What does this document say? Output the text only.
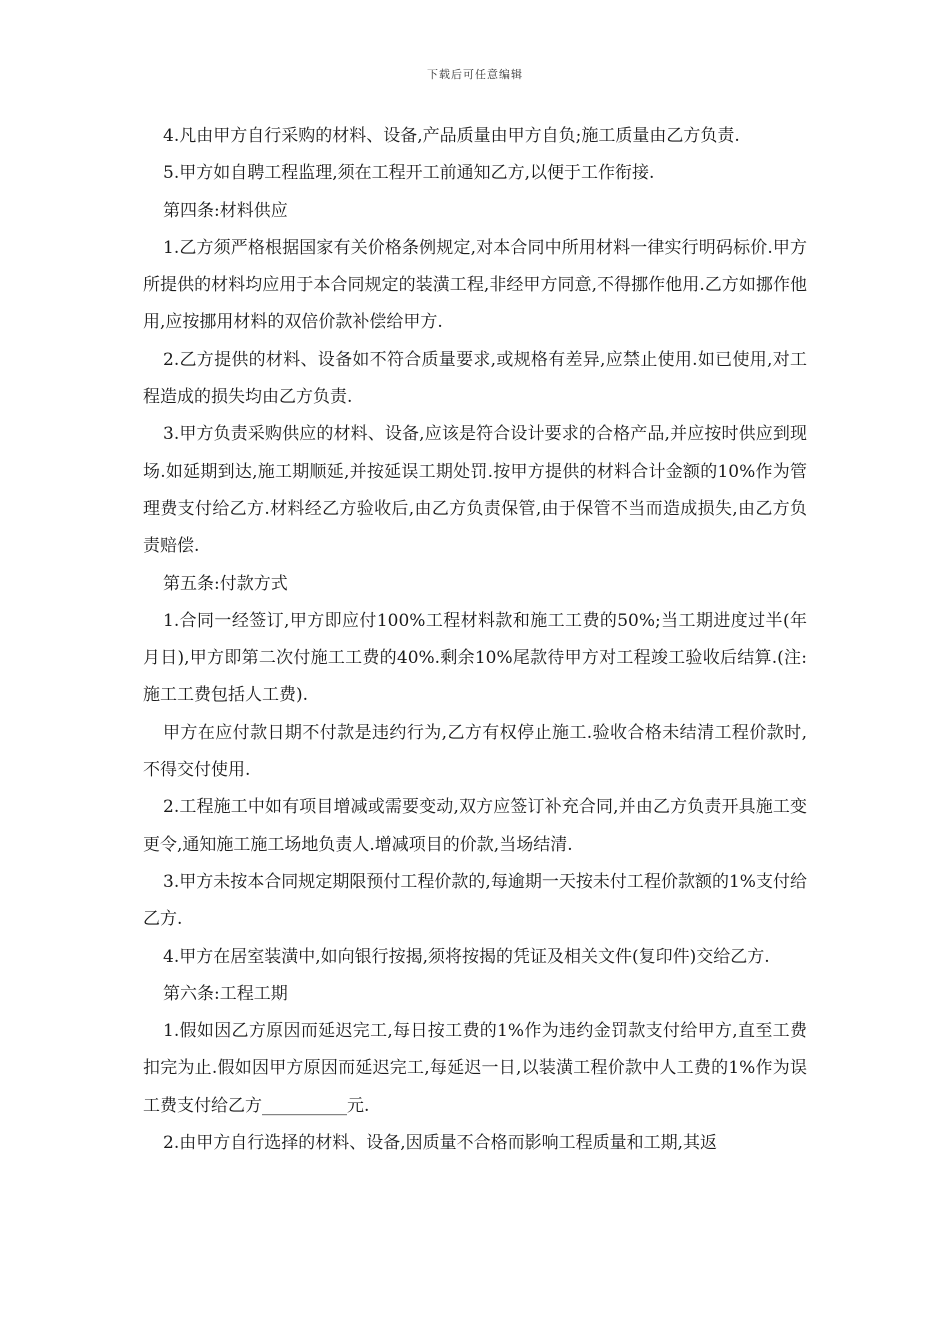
下载后可任意编辑

4.凡由甲方自行采购的材料、设备,产品质量由甲方自负;施工质量由乙方负责.

5.甲方如自聘工程监理,须在工程开工前通知乙方,以便于工作衔接.

第四条:材料供应

1.乙方须严格根据国家有关价格条例规定,对本合同中所用材料一律实行明码标价.甲方所提供的材料均应用于本合同规定的装潢工程,非经甲方同意,不得挪作他用.乙方如挪作他用,应按挪用材料的双倍价款补偿给甲方.

2.乙方提供的材料、设备如不符合质量要求,或规格有差异,应禁止使用.如已使用,对工程造成的损失均由乙方负责.

3.甲方负责采购供应的材料、设备,应该是符合设计要求的合格产品,并应按时供应到现场.如延期到达,施工期顺延,并按延误工期处罚.按甲方提供的材料合计金额的10%作为管理费支付给乙方.材料经乙方验收后,由乙方负责保管,由于保管不当而造成损失,由乙方负责赔偿.

第五条:付款方式

1.合同一经签订,甲方即应付100%工程材料款和施工工费的50%;当工期进度过半(年月日),甲方即第二次付施工工费的40%.剩余10%尾款待甲方对工程竣工验收后结算.(注:施工工费包括人工费).

甲方在应付款日期不付款是违约行为,乙方有权停止施工.验收合格未结清工程价款时,不得交付使用.

2.工程施工中如有项目增减或需要变动,双方应签订补充合同,并由乙方负责开具施工变更令,通知施工施工场地负责人.增减项目的价款,当场结清.

3.甲方未按本合同规定期限预付工程价款的,每逾期一天按未付工程价款额的1%支付给乙方.

4.甲方在居室装潢中,如向银行按揭,须将按揭的凭证及相关文件(复印件)交给乙方.

第六条:工程工期

1.假如因乙方原因而延迟完工,每日按工费的1%作为违约金罚款支付给甲方,直至工费扣完为止.假如因甲方原因而延迟完工,每延迟一日,以装潢工程价款中人工费的1%作为误工费支付给乙方__________元.

2.由甲方自行选择的材料、设备,因质量不合格而影响工程质量和工期,其返
